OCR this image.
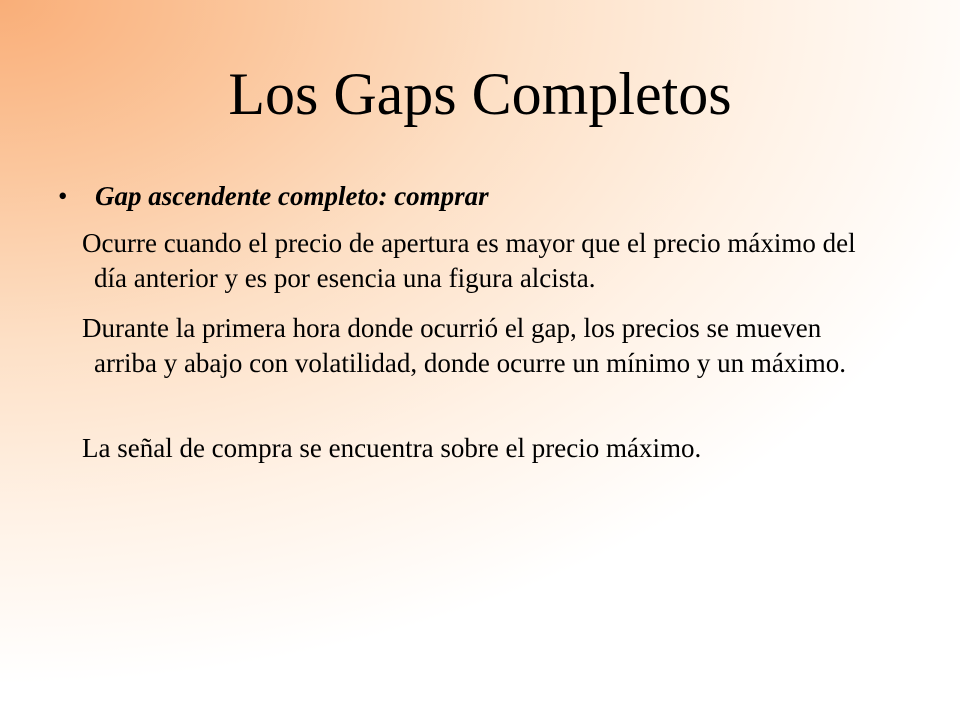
Los Gaps Completos
• Gap ascendente completo: comprar
Ocurre cuando el precio de apertura es mayor que el precio máximo del día anterior y es por esencia una figura alcista.
Durante la primera hora donde ocurrió el gap, los precios se mueven arriba y abajo con volatilidad, donde ocurre un mínimo y un máximo.
La señal de compra se encuentra sobre el precio máximo.
